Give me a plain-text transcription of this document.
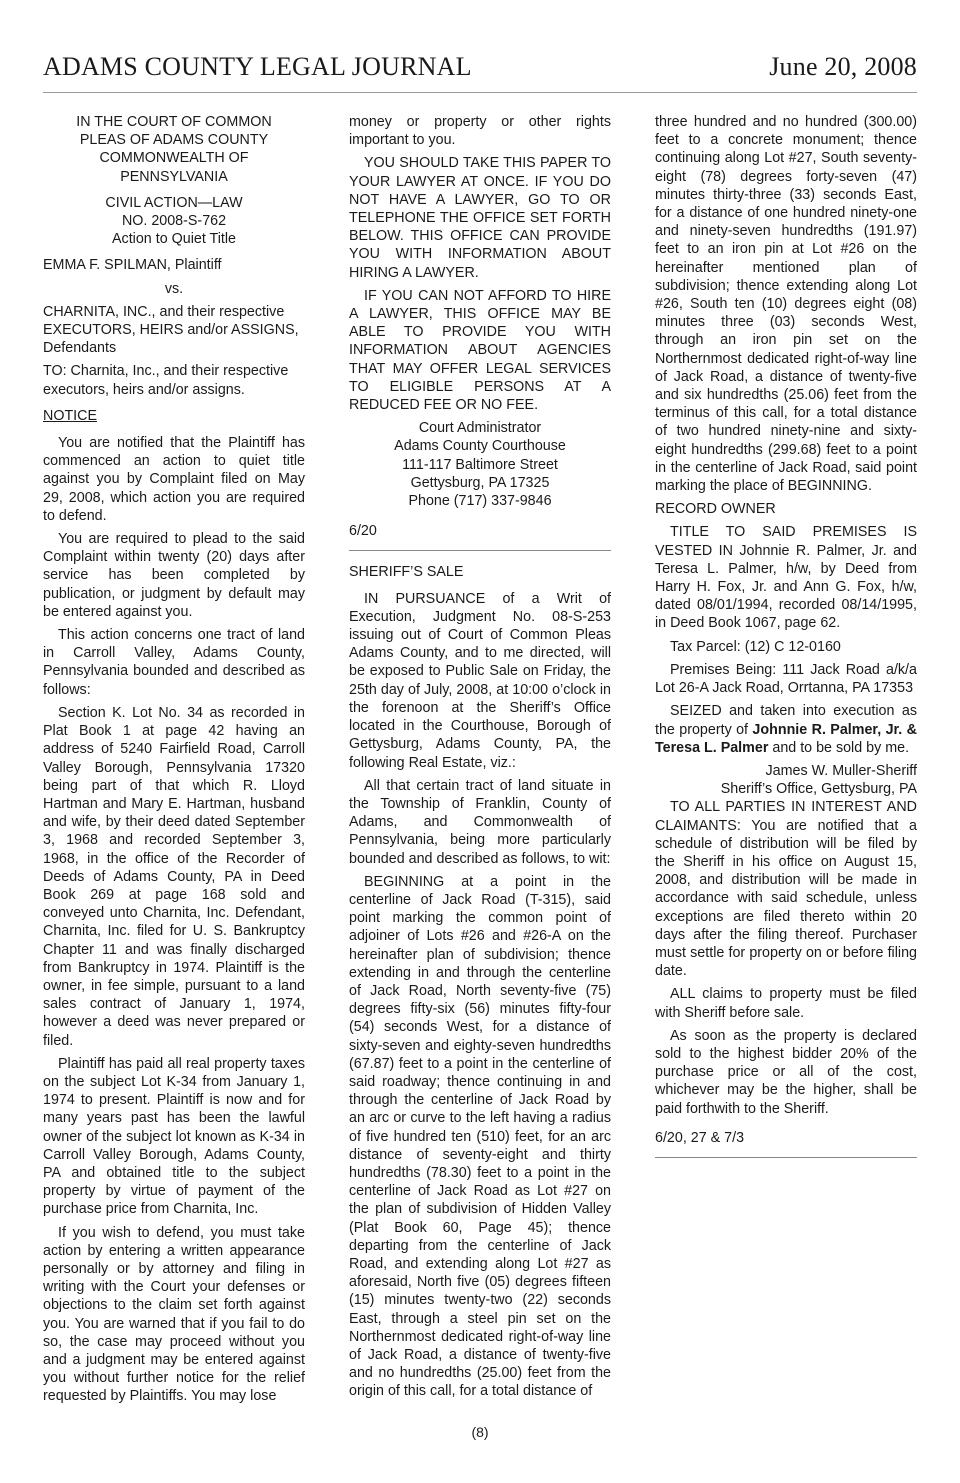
ADAMS COUNTY LEGAL JOURNAL	June 20, 2008

IN THE COURT OF COMMON

PLEAS OF ADAMS COUNTY

COMMONWEALTH OF

PENNSYLVANIA

CIVIL ACTION—LAW

NO. 2008-S-762

Action to Quiet Title

EMMA F. SPILMAN, Plaintiff

vs.

CHARNITA, INC., and their respective EXECUTORS, HEIRS and/or ASSIGNS, Defendants

TO: Charnita, Inc., and their respective executors, heirs and/or assigns.

NOTICE

You are notified that the Plaintiff has commenced an action to quiet title against you by Complaint filed on May 29, 2008, which action you are required to defend.

You are required to plead to the said Complaint within twenty (20) days after service has been completed by publication, or judgment by default may be entered against you.

This action concerns one tract of land in Carroll Valley, Adams County, Pennsylvania bounded and described as follows:

Section K. Lot No. 34 as recorded in Plat Book 1 at page 42 having an address of 5240 Fairfield Road, Carroll Valley Borough, Pennsylvania 17320 being part of that which R. Lloyd Hartman and Mary E. Hartman, husband and wife, by their deed dated September 3, 1968 and recorded September 3, 1968, in the office of the Recorder of Deeds of Adams County, PA in Deed Book 269 at page 168 sold and conveyed unto Charnita, Inc. Defendant, Charnita, Inc. filed for U. S. Bankruptcy Chapter 11 and was finally discharged from Bankruptcy in 1974. Plaintiff is the owner, in fee simple, pursuant to a land sales contract of January 1, 1974, however a deed was never prepared or filed.

Plaintiff has paid all real property taxes on the subject Lot K-34 from January 1, 1974 to present. Plaintiff is now and for many years past has been the lawful owner of the subject lot known as K-34 in Carroll Valley Borough, Adams County, PA and obtained title to the subject property by virtue of payment of the purchase price from Charnita, Inc.

If you wish to defend, you must take action by entering a written appearance personally or by attorney and filing in writing with the Court your defenses or objections to the claim set forth against you. You are warned that if you fail to do so, the case may proceed without you and a judgment may be entered against you without further notice for the relief requested by Plaintiffs. You may lose

money or property or other rights important to you.

YOU SHOULD TAKE THIS PAPER TO YOUR LAWYER AT ONCE. IF YOU DO NOT HAVE A LAWYER, GO TO OR TELEPHONE THE OFFICE SET FORTH BELOW. THIS OFFICE CAN PROVIDE YOU WITH INFORMATION ABOUT HIRING A LAWYER.

IF YOU CAN NOT AFFORD TO HIRE A LAWYER, THIS OFFICE MAY BE ABLE TO PROVIDE YOU WITH INFORMATION ABOUT AGENCIES THAT MAY OFFER LEGAL SERVICES TO ELIGIBLE PERSONS AT A REDUCED FEE OR NO FEE.

Court Administrator

Adams County Courthouse

111-117 Baltimore Street

Gettysburg, PA 17325

Phone (717) 337-9846

6/20

SHERIFF’S SALE

IN PURSUANCE of a Writ of Execution, Judgment No. 08-S-253 issuing out of Court of Common Pleas Adams County, and to me directed, will be exposed to Public Sale on Friday, the 25th day of July, 2008, at 10:00 o’clock in the forenoon at the Sheriff’s Office located in the Courthouse, Borough of Gettysburg, Adams County, PA, the following Real Estate, viz.:

All that certain tract of land situate in the Township of Franklin, County of Adams, and Commonwealth of Pennsylvania, being more particularly bounded and described as follows, to wit:

BEGINNING at a point in the centerline of Jack Road (T-315), said point marking the common point of adjoiner of Lots #26 and #26-A on the hereinafter plan of subdivision; thence extending in and through the centerline of Jack Road, North seventy-five (75) degrees fifty-six (56) minutes fifty-four (54) seconds West, for a distance of sixty-seven and eighty-seven hundredths (67.87) feet to a point in the centerline of said roadway; thence continuing in and through the centerline of Jack Road by an arc or curve to the left having a radius of five hundred ten (510) feet, for an arc distance of seventy-eight and thirty hundredths (78.30) feet to a point in the centerline of Jack Road as Lot #27 on the plan of subdivision of Hidden Valley (Plat Book 60, Page 45); thence departing from the centerline of Jack Road, and extending along Lot #27 as aforesaid, North five (05) degrees fifteen (15) minutes twenty-two (22) seconds East, through a steel pin set on the Northernmost dedicated right-of-way line of Jack Road, a distance of twenty-five and no hundredths (25.00) feet from the origin of this call, for a total distance of

three hundred and no hundred (300.00) feet to a concrete monument; thence continuing along Lot #27, South seventy-eight (78) degrees forty-seven (47) minutes thirty-three (33) seconds East, for a distance of one hundred ninety-one and ninety-seven hundredths (191.97) feet to an iron pin at Lot #26 on the hereinafter mentioned plan of subdivision; thence extending along Lot #26, South ten (10) degrees eight (08) minutes three (03) seconds West, through an iron pin set on the Northernmost dedicated right-of-way line of Jack Road, a distance of twenty-five and six hundredths (25.06) feet from the terminus of this call, for a total distance of two hundred ninety-nine and sixty-eight hundredths (299.68) feet to a point in the centerline of Jack Road, said point marking the place of BEGINNING.

RECORD OWNER

TITLE TO SAID PREMISES IS VESTED IN Johnnie R. Palmer, Jr. and Teresa L. Palmer, h/w, by Deed from Harry H. Fox, Jr. and Ann G. Fox, h/w, dated 08/01/1994, recorded 08/14/1995, in Deed Book 1067, page 62.

Tax Parcel: (12) C 12-0160

Premises Being: 111 Jack Road a/k/a Lot 26-A Jack Road, Orrtanna, PA 17353

SEIZED and taken into execution as the property of Johnnie R. Palmer, Jr. & Teresa L. Palmer and to be sold by me.

James W. Muller-Sheriff

Sheriff’s Office, Gettysburg, PA

TO ALL PARTIES IN INTEREST AND CLAIMANTS: You are notified that a schedule of distribution will be filed by the Sheriff in his office on August 15, 2008, and distribution will be made in accordance with said schedule, unless exceptions are filed thereto within 20 days after the filing thereof. Purchaser must settle for property on or before filing date.

ALL claims to property must be filed with Sheriff before sale.

As soon as the property is declared sold to the highest bidder 20% of the purchase price or all of the cost, whichever may be the higher, shall be paid forthwith to the Sheriff.

6/20, 27 & 7/3

(8)
